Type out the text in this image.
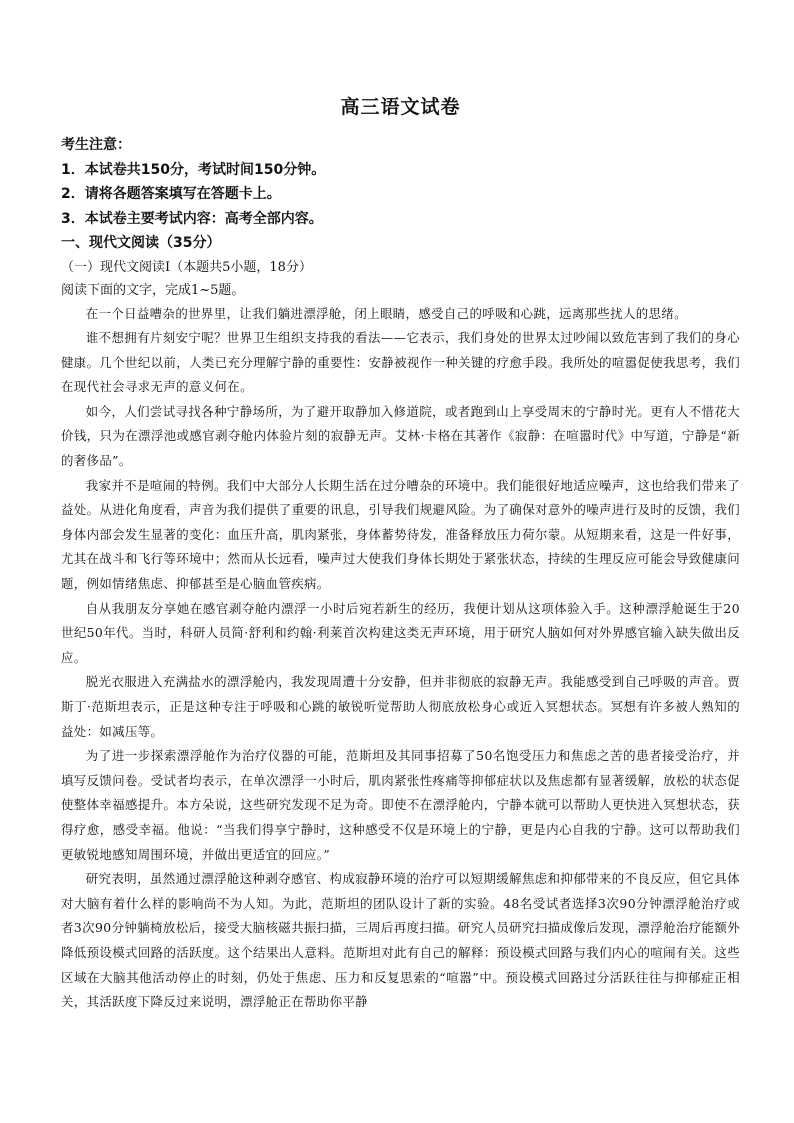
高三语文试卷
考生注意：
1．本试卷共150分，考试时间150分钟。
2．请将各题答案填写在答题卡上。
3．本试卷主要考试内容：高考全部内容。
一、现代文阅读（35分）
（一）现代文阅读Ⅰ（本题共5小题，18分）
阅读下面的文字，完成1~5题。

在一个日益嘈杂的世界里，让我们躺进漂浮舱，闭上眼睛，感受自己的呼吸和心跳，远离那些扰人的思绪。

谁不想拥有片刻安宁呢？世界卫生组织支持我的看法——它表示，我们身处的世界太过吵闹以致危害到了我们的身心健康。几个世纪以前，人类已充分理解宁静的重要性：安静被视作一种关键的疗愈手段。我所处的喧嚣促使我思考，我们在现代社会寻求无声的意义何在。

如今，人们尝试寻找各种宁静场所，为了避开取静加入修道院，或者跑到山上享受周末的宁静时光。更有人不惜花大价钱，只为在漂浮池或感官剥夺舱内体验片刻的寂静无声。艾林·卡格在其著作《寂静：在喧嚣时代》中写道，宁静是“新的奢侈品”。

我家并不是喧闹的特例。我们中大部分人长期生活在过分嘈杂的环境中。我们能很好地适应噪声，这也给我们带来了益处。从进化角度看，声音为我们提供了重要的讯息，引导我们规避风险。为了确保对意外的噪声进行及时的反馈，我们身体内部会发生显著的变化：血压升高，肌肉紧张，身体蓄势待发，准备释放压力荷尔蒙。从短期来看，这是一件好事，尤其在战斗和飞行等环境中；然而从长远看，噪声过大使我们身体长期处于紧张状态，持续的生理反应可能会导致健康问题，例如情绪焦虑、抑郁甚至是心脑血管疾病。

自从我朋友分享她在感官剥夺舱内漂浮一小时后宛若新生的经历，我便计划从这项体验入手。这种漂浮舱诞生于20世纪50年代。当时，科研人员简·舒利和约翰·利莱首次构建这类无声环境，用于研究人脑如何对外界感官输入缺失做出反应。

脱光衣服进入充满盐水的漂浮舱内，我发现周遭十分安静，但并非彻底的寂静无声。我能感受到自己呼吸的声音。贾斯丁·范斯坦表示，正是这种专注于呼吸和心跳的敏锐听觉帮助人彻底放松身心或近入冥想状态。冥想有许多被人熟知的益处：如减压等。

为了进一步探索漂浮舱作为治疗仪器的可能，范斯坦及其同事招募了50名饱受压力和焦虑之苦的患者接受治疗，并填写反馈问卷。受试者均表示，在单次漂浮一小时后，肌肉紧张性疼痛等抑郁症状以及焦虑都有显著缓解，放松的状态促使整体幸福感提升。本方朵说，这些研究发现不足为奇。即使不在漂浮舱内，宁静本就可以帮助人更快进入冥想状态，获得疗愈，感受幸福。他说：“当我们得享宁静时，这种感受不仅是环境上的宁静，更是内心自我的宁静。这可以帮助我们更敏锐地感知周围环境，并做出更适宜的回应。”

研究表明，虽然通过漂浮舱这种剥夺感官、构成寂静环境的治疗可以短期缓解焦虑和抑郁带来的不良反应，但它具体对大脑有着什么样的影响尚不为人知。为此，范斯坦的团队设计了新的实验。48名受试者选择3次90分钟漂浮舱治疗或者3次90分钟躺椅放松后，接受大脑核磁共振扫描，三周后再度扫描。研究人员研究扫描成像后发现，漂浮舱治疗能额外降低预设模式回路的活跃度。这个结果出人意料。范斯坦对此有自己的解释：预设模式回路与我们内心的喧闹有关。这些区域在大脑其他活动停止的时刻，仍处于焦虑、压力和反复思索的“喧嚣”中。预设模式回路过分活跃往往与抑郁症正相关，其活跃度下降反过来说明，漂浮舱正在帮助你平静
